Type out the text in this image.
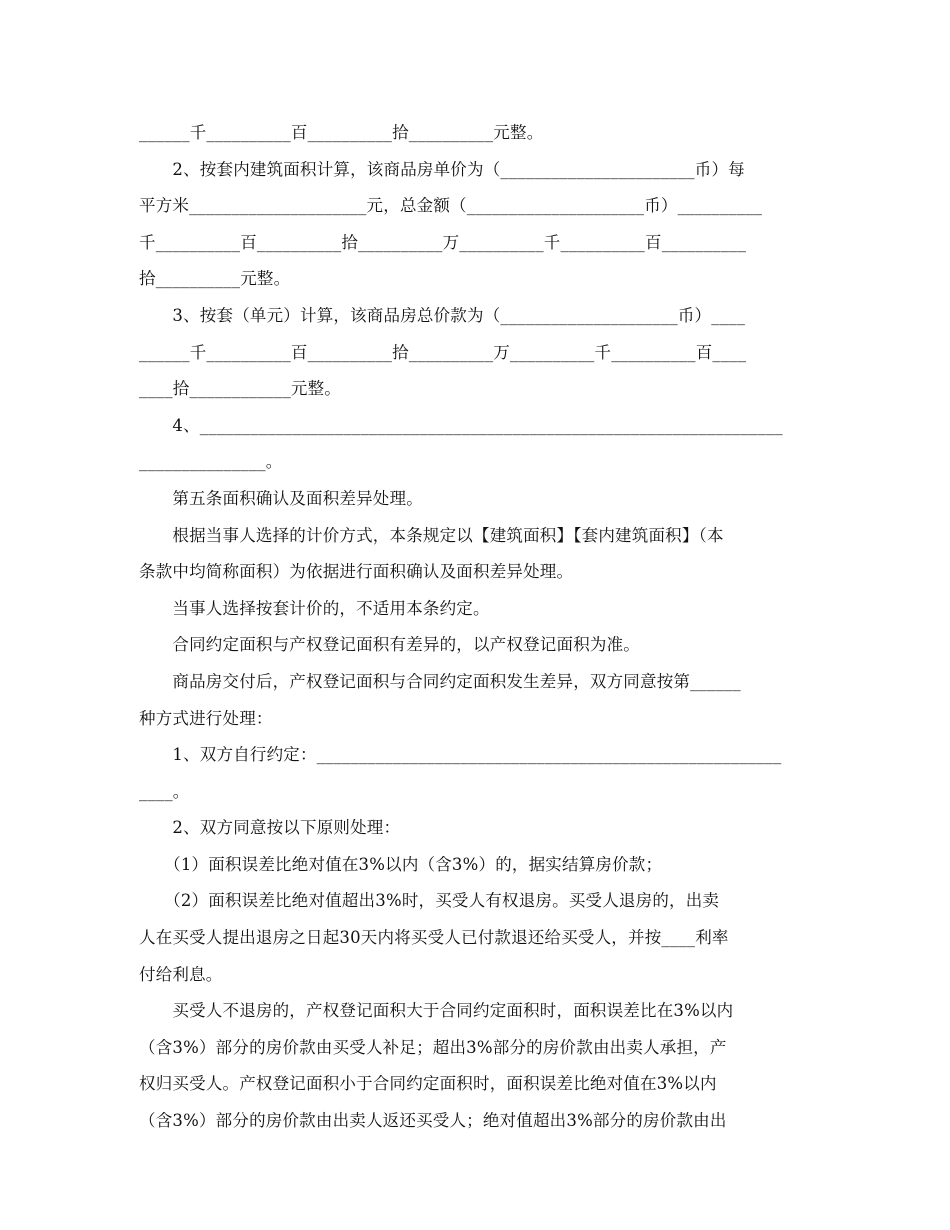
______千__________百__________拾__________元整。
　　2、按套内建筑面积计算，该商品房单价为（_______________________币）每
平方米_____________________元，总金额（_____________________币）__________
千__________百__________拾__________万__________千__________百__________
拾__________元整。
　　3、按套（单元）计算，该商品房总价款为（_____________________币）____
______千__________百__________拾__________万__________千__________百____
____拾____________元整。
　　4、_____________________________________________________________________
_______________。
　　第五条面积确认及面积差异处理。
　　根据当事人选择的计价方式，本条规定以【建筑面积】【套内建筑面积】（本
条款中均简称面积）为依据进行面积确认及面积差异处理。
　　当事人选择按套计价的，不适用本条约定。
　　合同约定面积与产权登记面积有差异的，以产权登记面积为准。
　　商品房交付后，产权登记面积与合同约定面积发生差异，双方同意按第______
种方式进行处理：
　　1、双方自行约定：_______________________________________________________
____。
　　2、双方同意按以下原则处理：
　　（1）面积误差比绝对值在3%以内（含3%）的，据实结算房价款；
　　（2）面积误差比绝对值超出3%时，买受人有权退房。买受人退房的，出卖
人在买受人提出退房之日起30天内将买受人已付款退还给买受人，并按____利率
付给利息。
　　买受人不退房的，产权登记面积大于合同约定面积时，面积误差比在3%以内
（含3%）部分的房价款由买受人补足；超出3%部分的房价款由出卖人承担，产
权归买受人。产权登记面积小于合同约定面积时，面积误差比绝对值在3%以内
（含3%）部分的房价款由出卖人返还买受人；绝对值超出3%部分的房价款由出
